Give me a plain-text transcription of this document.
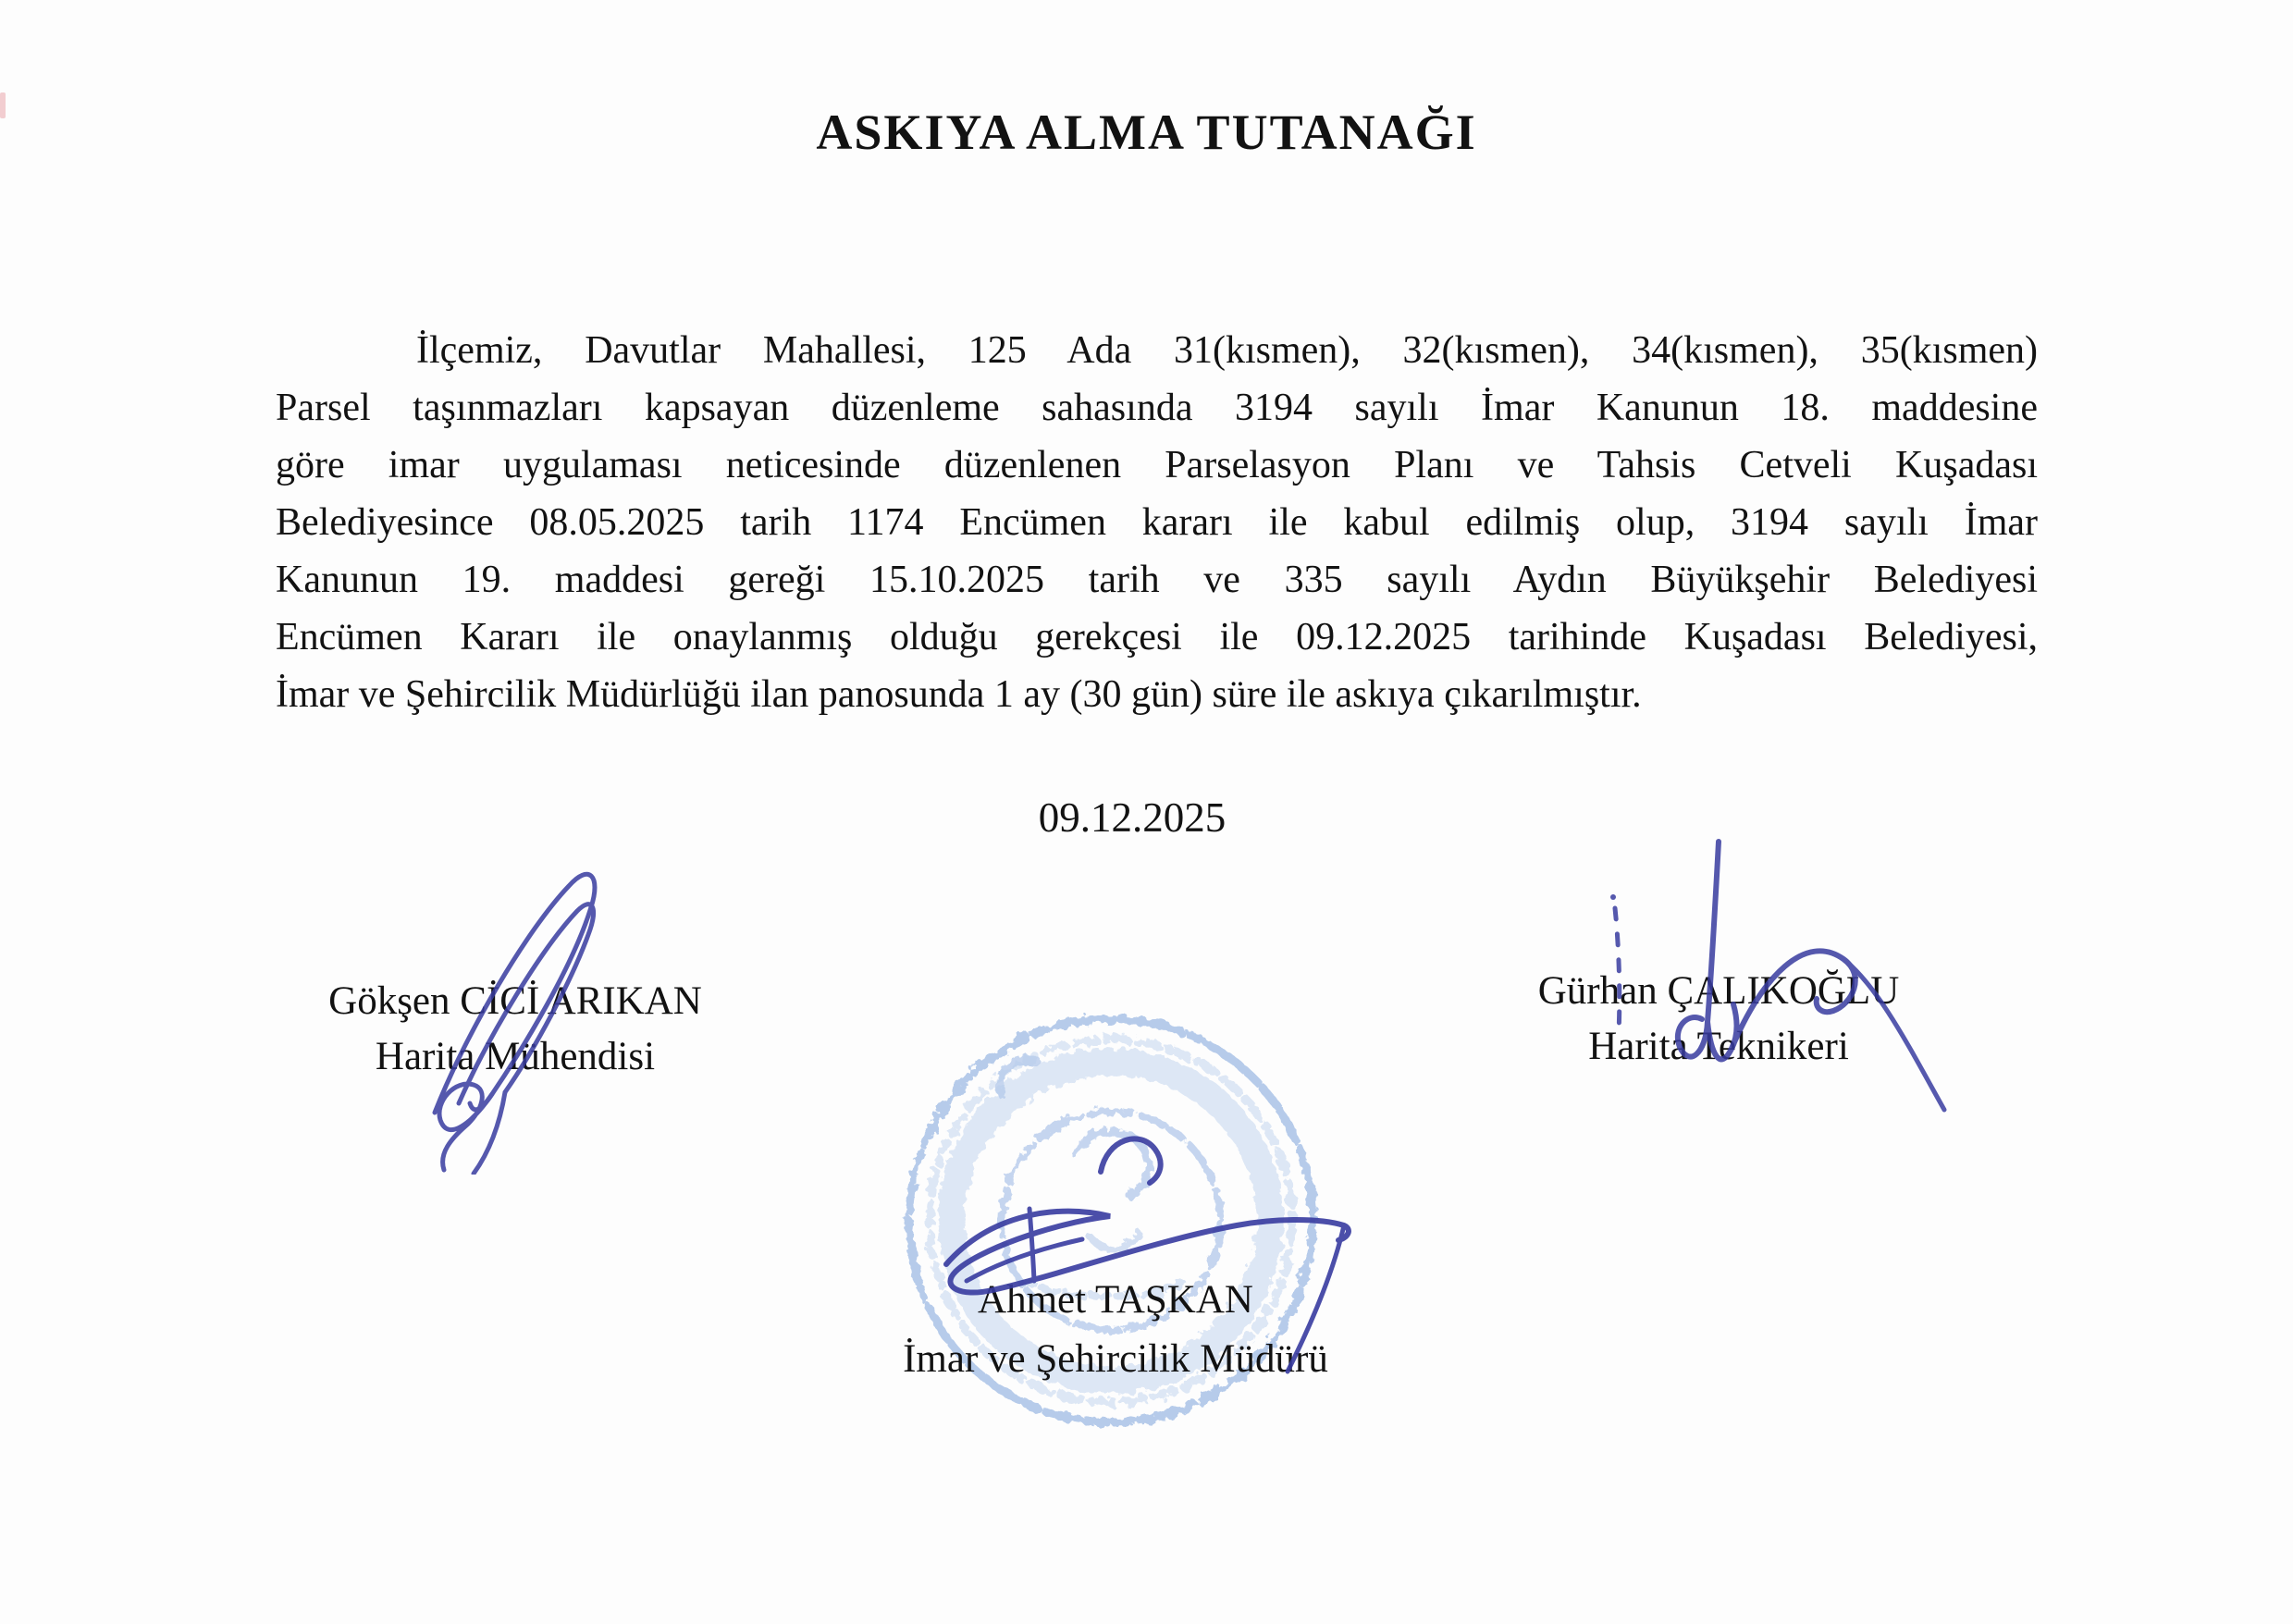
ASKIYA ALMA TUTANAĞI
İlçemiz, Davutlar Mahallesi, 125 Ada 31(kısmen), 32(kısmen), 34(kısmen), 35(kısmen)
Parsel taşınmazları kapsayan düzenleme sahasında 3194 sayılı İmar Kanunun 18. maddesine
göre imar uygulaması neticesinde düzenlenen Parselasyon Planı ve Tahsis Cetveli Kuşadası
Belediyesince 08.05.2025 tarih 1174 Encümen kararı ile kabul edilmiş olup, 3194 sayılı İmar
Kanunun 19. maddesi gereği 15.10.2025 tarih ve 335 sayılı Aydın Büyükşehir Belediyesi
Encümen Kararı ile onaylanmış olduğu gerekçesi ile 09.12.2025 tarihinde Kuşadası Belediyesi,
İmar ve Şehircilik Müdürlüğü ilan panosunda 1 ay (30 gün) süre ile askıya çıkarılmıştır.
09.12.2025
Gökşen CİCİ ARIKAN
Harita Mühendisi
Gürhan ÇALIKOĞLU
Harita Teknikeri
Ahmet TAŞKAN
İmar ve Şehircilik Müdürü
